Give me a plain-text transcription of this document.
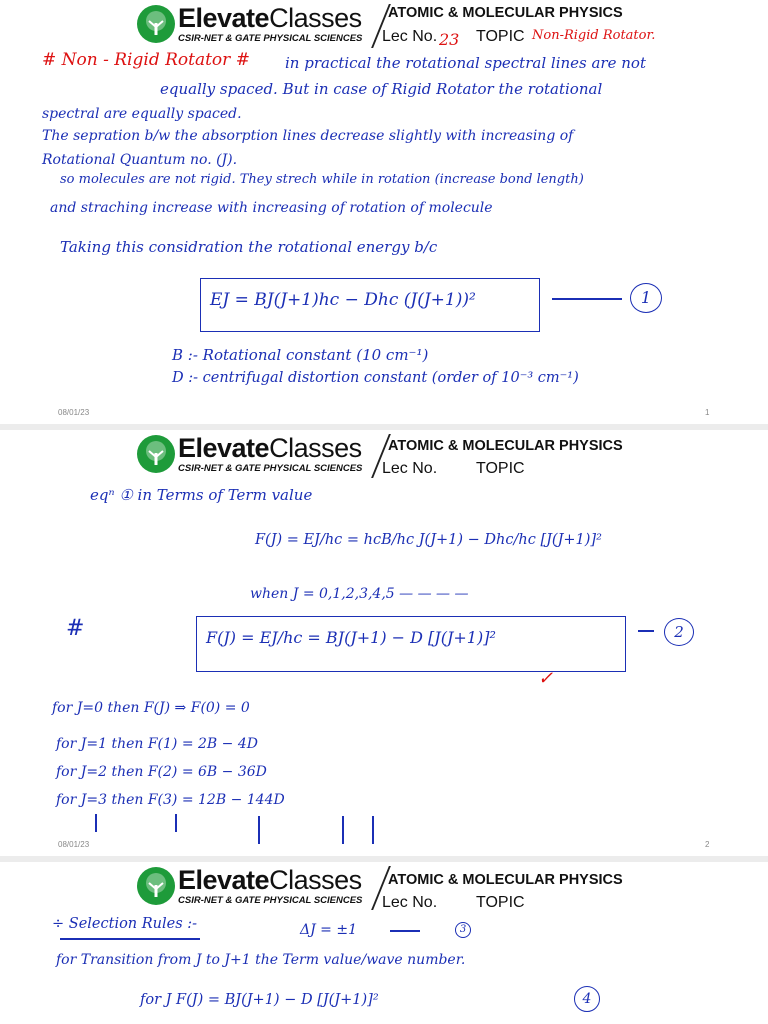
ElevateClasses
CSIR-NET & GATE PHYSICAL SCIENCES
ATOMIC & MOLECULAR PHYSICS
Lec No. 23 TOPIC Non-Rigid Rotator.
# Non - Rigid Rotator # in practical the rotational spectral lines are not
equally spaced. But in case of Rigid Rotator the rotational
spectral are equally spaced.
The sepration b/w the absorption lines decrease slightly with increasing of
Rotational Quantum no. (J).
so molecules are not rigid. They strech while in rotation (increase bond length)
and straching increase with increasing of rotation of molecule
Taking this considration the rotational energy b/c
EJ = BJ(J+1)hc − Dhc (J(J+1))²	1
B :- Rotational constant (10 cm⁻¹)
D :- centrifugal distortion constant (order of 10⁻³ cm⁻¹)
08/01/23	1
ElevateClasses
CSIR-NET & GATE PHYSICAL SCIENCES
ATOMIC & MOLECULAR PHYSICS
Lec No. TOPIC
eqⁿ ① in Terms of Term value
F(J) = EJ/hc = hcB/hc J(J+1) − Dhc/hc [J(J+1)]²
when J = 0,1,2,3,4,5 — — — —
#	F(J) = EJ/hc = BJ(J+1) − D [J(J+1)]²	2
✓
for J=0 then F(J) ⇒ F(0) = 0
for J=1 then F(1) = 2B − 4D
for J=2 then F(2) = 6B − 36D
for J=3 then F(3) = 12B − 144D
08/01/23	2
ElevateClasses
CSIR-NET & GATE PHYSICAL SCIENCES
ATOMIC & MOLECULAR PHYSICS
Lec No. TOPIC
÷ Selection Rules :-	ΔJ = ±1	3
for Transition from J to J+1 the Term value/wave number.
for J F(J) = BJ(J+1) − D [J(J+1)]²	4
